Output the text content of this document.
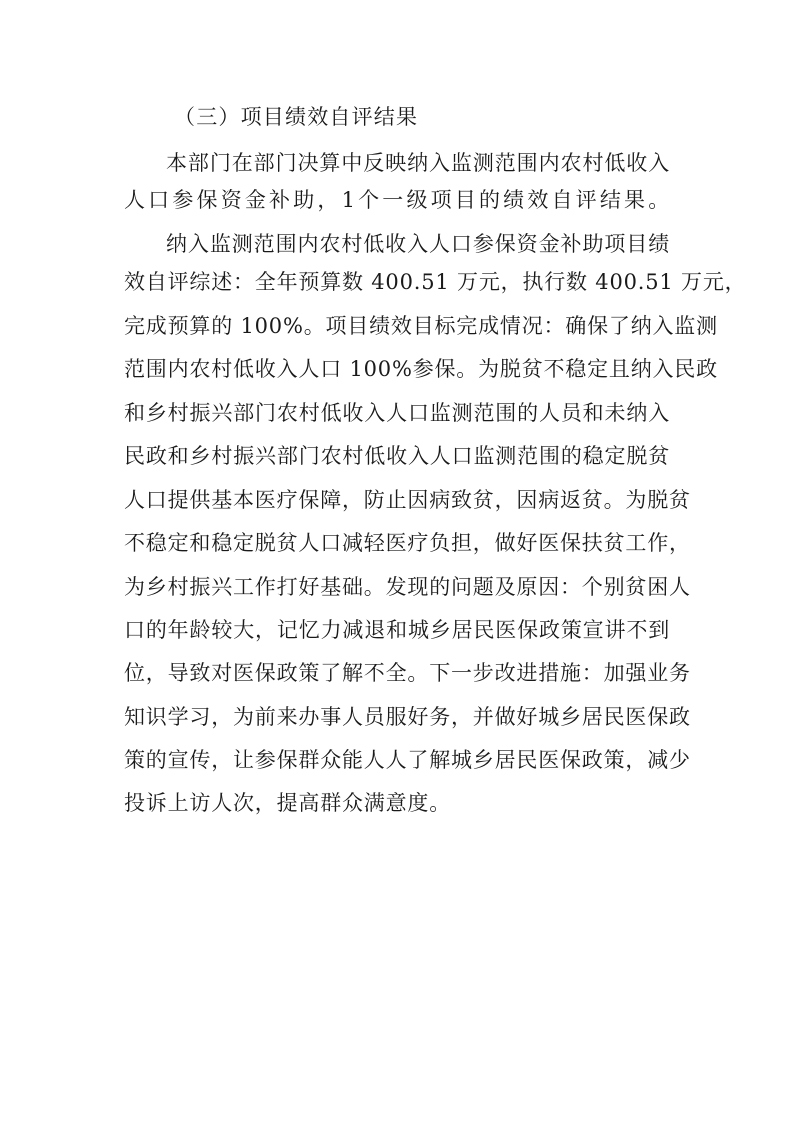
（三）项目绩效自评结果
本部门在部门决算中反映纳入监测范围内农村低收入
人口参保资金补助，1个一级项目的绩效自评结果。
纳入监测范围内农村低收入人口参保资金补助项目绩
效自评综述：全年预算数 400.51 万元，执行数 400.51 万元，
完成预算的 100%。项目绩效目标完成情况：确保了纳入监测
范围内农村低收入人口 100%参保。为脱贫不稳定且纳入民政
和乡村振兴部门农村低收入人口监测范围的人员和未纳入
民政和乡村振兴部门农村低收入人口监测范围的稳定脱贫
人口提供基本医疗保障，防止因病致贫，因病返贫。为脱贫
不稳定和稳定脱贫人口减轻医疗负担，做好医保扶贫工作，
为乡村振兴工作打好基础。发现的问题及原因：个别贫困人
口的年龄较大，记忆力减退和城乡居民医保政策宣讲不到
位，导致对医保政策了解不全。下一步改进措施：加强业务
知识学习，为前来办事人员服好务，并做好城乡居民医保政
策的宣传，让参保群众能人人了解城乡居民医保政策，减少
投诉上访人次，提高群众满意度。
